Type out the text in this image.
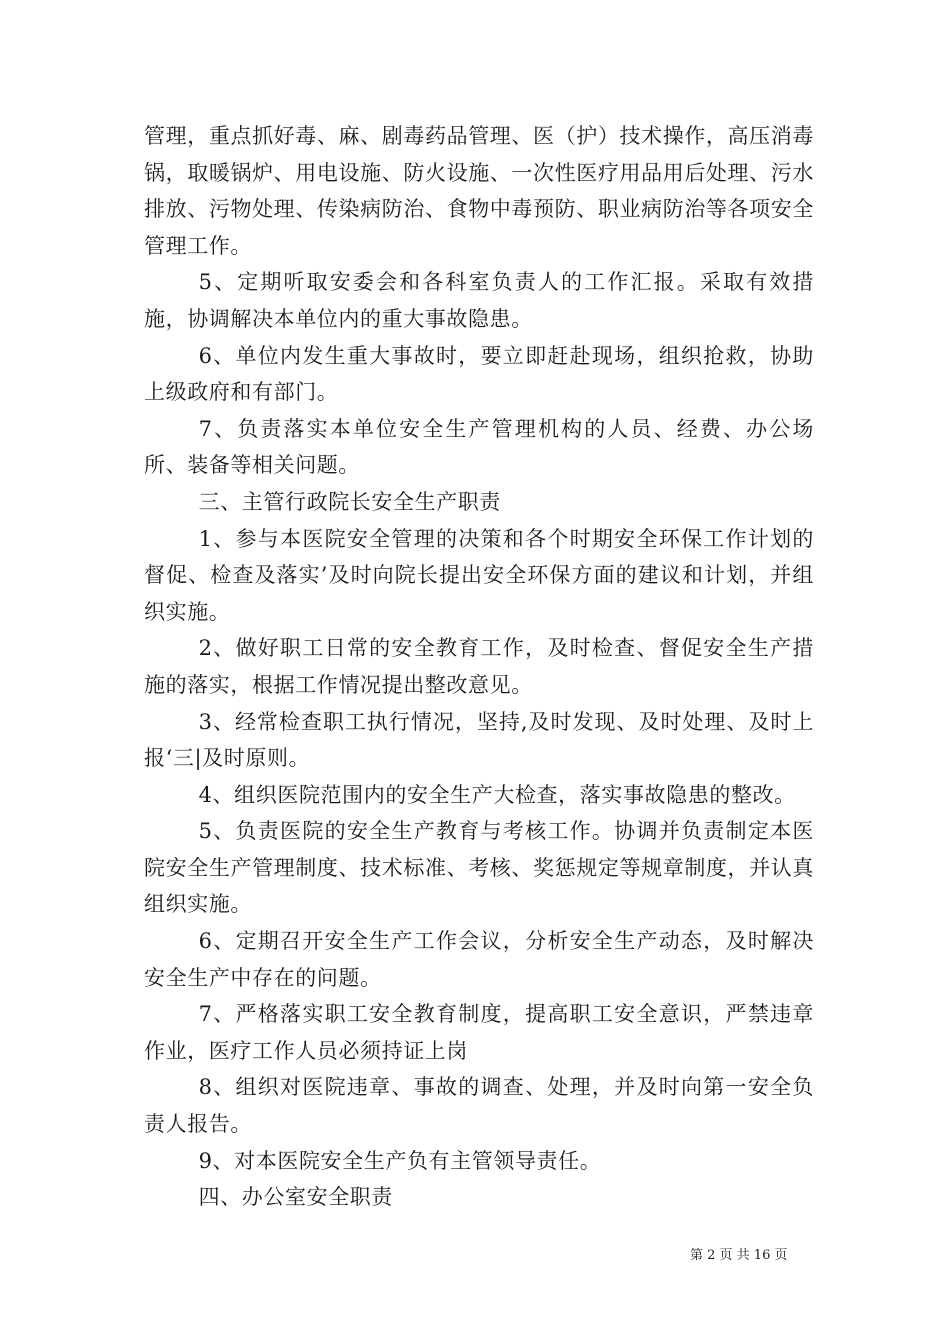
管理，重点抓好毒、麻、剧毒药品管理、医（护）技术操作，高压消毒锅，取暖锅炉、用电设施、防火设施、一次性医疗用品用后处理、污水排放、污物处理、传染病防治、食物中毒预防、职业病防治等各项安全管理工作。

5、定期听取安委会和各科室负责人的工作汇报。采取有效措施，协调解决本单位内的重大事故隐患。

6、单位内发生重大事故时，要立即赶赴现场，组织抢救，协助上级政府和有部门。

7、负责落实本单位安全生产管理机构的人员、经费、办公场所、装备等相关问题。

三、主管行政院长安全生产职责

1、参与本医院安全管理的决策和各个时期安全环保工作计划的督促、检查及落实’及时向院长提出安全环保方面的建议和计划，并组织实施。

2、做好职工日常的安全教育工作，及时检查、督促安全生产措施的落实，根据工作情况提出整改意见。

3、经常检查职工执行情况，坚持,及时发现、及时处理、及时上报‘三|及时原则。

4、组织医院范围内的安全生产大检查，落实事故隐患的整改。

5、负责医院的安全生产教育与考核工作。协调并负责制定本医院安全生产管理制度、技术标准、考核、奖惩规定等规章制度，并认真组织实施。

6、定期召开安全生产工作会议，分析安全生产动态，及时解决安全生产中存在的问题。

7、严格落实职工安全教育制度，提高职工安全意识，严禁违章作业，医疗工作人员必须持证上岗

8、组织对医院违章、事故的调查、处理，并及时向第一安全负责人报告。

9、对本医院安全生产负有主管领导责任。

四、办公室安全职责

第 2 页 共 16 页
